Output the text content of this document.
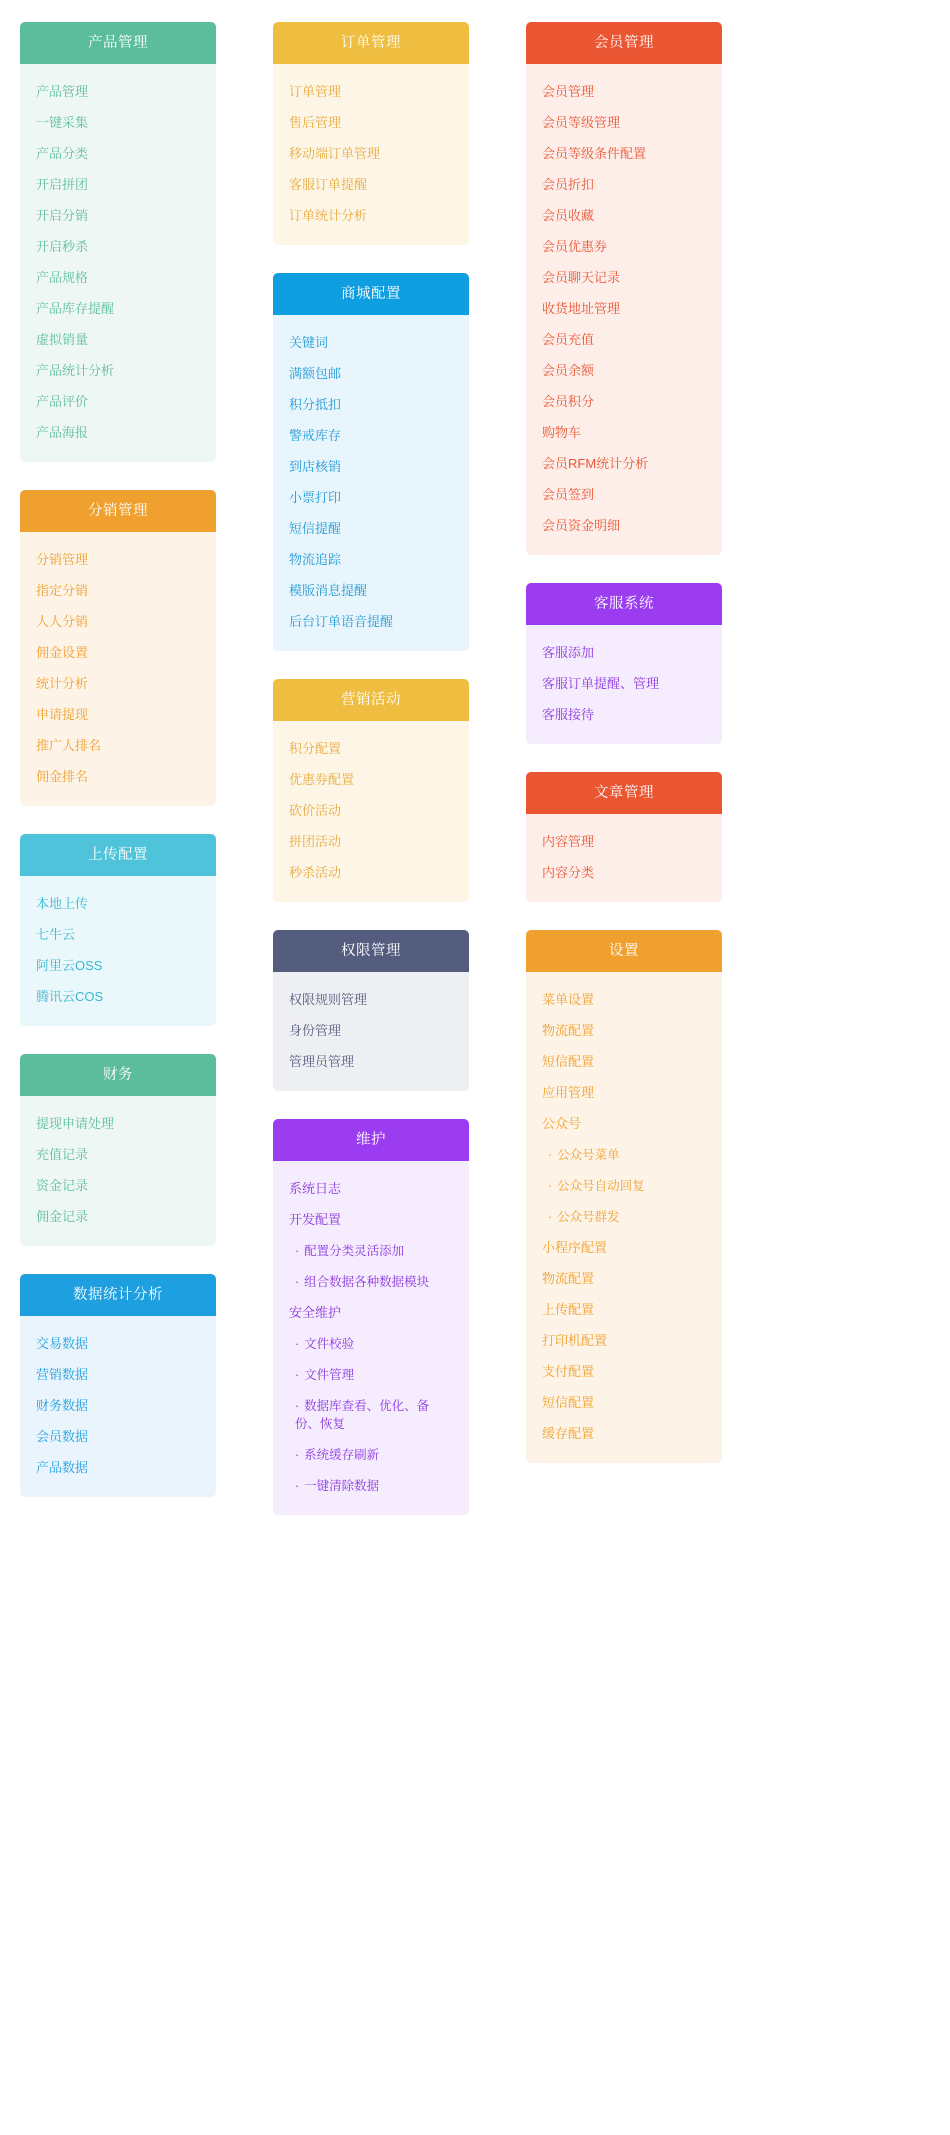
产品管理
产品管理
一键采集
产品分类
开启拼团
开启分销
开启秒杀
产品规格
产品库存提醒
虚拟销量
产品统计分析
产品评价
产品海报
分销管理
分销管理
指定分销
人人分销
佣金设置
统计分析
申请提现
推广人排名
佣金排名
上传配置
本地上传
七牛云
阿里云OSS
腾讯云COS
财务
提现申请处理
充值记录
资金记录
佣金记录
数据统计分析
交易数据
营销数据
财务数据
会员数据
产品数据
订单管理
订单管理
售后管理
移动端订单管理
客服订单提醒
订单统计分析
商城配置
关键词
满额包邮
积分抵扣
警戒库存
到店核销
小票打印
短信提醒
物流追踪
模版消息提醒
后台订单语音提醒
营销活动
积分配置
优惠券配置
砍价活动
拼团活动
秒杀活动
权限管理
权限规则管理
身份管理
管理员管理
维护
系统日志
开发配置
· 配置分类灵活添加
· 组合数据各种数据模块
安全维护
· 文件校验
· 文件管理
· 数据库查看、优化、备份、恢复
· 系统缓存刷新
· 一键清除数据
会员管理
会员管理
会员等级管理
会员等级条件配置
会员折扣
会员收藏
会员优惠券
会员聊天记录
收货地址管理
会员充值
会员余额
会员积分
购物车
会员RFM统计分析
会员签到
会员资金明细
客服系统
客服添加
客服订单提醒、管理
客服接待
文章管理
内容管理
内容分类
设置
菜单设置
物流配置
短信配置
应用管理
公众号
· 公众号菜单
· 公众号自动回复
· 公众号群发
小程序配置
物流配置
上传配置
打印机配置
支付配置
短信配置
缓存配置
